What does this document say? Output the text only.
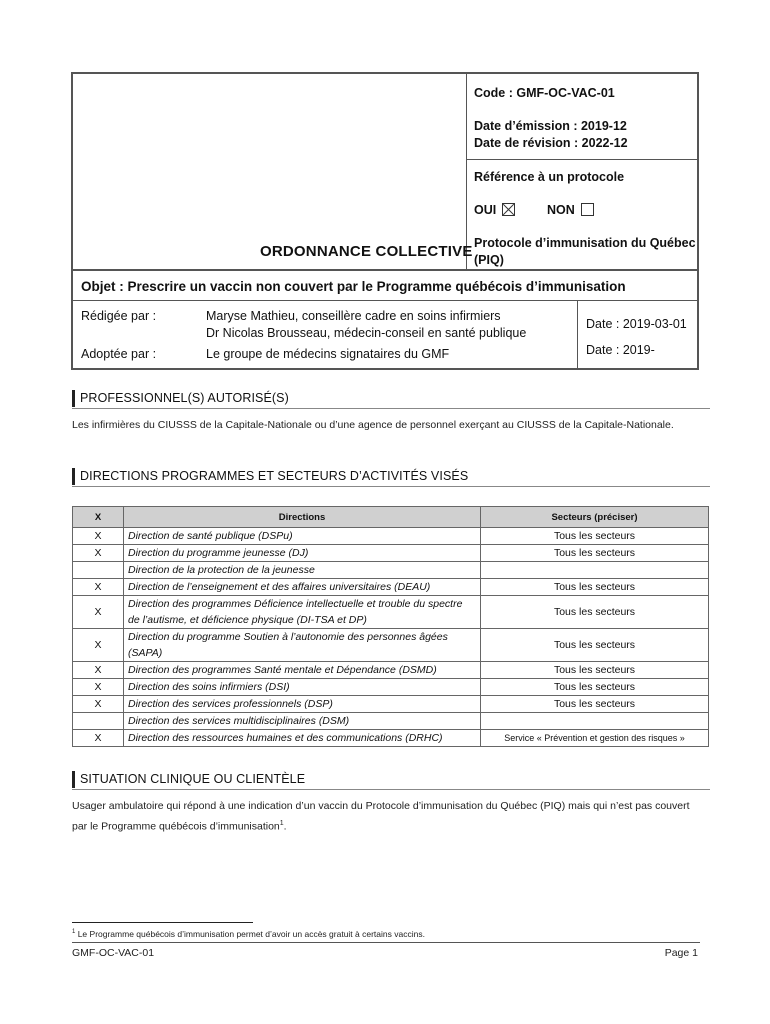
Code : GMF-OC-VAC-01
Date d’émission : 2019-12
Date de révision : 2022-12
Référence à un protocole
OUI	NON
Protocole d’immunisation du Québec
(PIQ)
ORDONNANCE COLLECTIVE
Objet : Prescrire un vaccin non couvert par le Programme québécois d’immunisation
Rédigée par :	Maryse Mathieu, conseillère cadre en soins infirmiers
Dr Nicolas Brousseau, médecin-conseil en santé publique
Date : 2019-03-01
Adoptée par :	Le groupe de médecins signataires du GMF	Date : 2019-
PROFESSIONNEL(S) AUTORISÉ(S)
Les infirmières du CIUSSS de la Capitale-Nationale ou d’une agence de personnel exerçant au CIUSSS de la Capitale-Nationale.
DIRECTIONS PROGRAMMES ET SECTEURS D’ACTIVITÉS VISÉS
X	Directions	Secteurs (préciser)
X	Direction de santé publique (DSPu)	Tous les secteurs
X	Direction du programme jeunesse (DJ)	Tous les secteurs
	Direction de la protection de la jeunesse	
X	Direction de l’enseignement et des affaires universitaires (DEAU)	Tous les secteurs
X	Direction des programmes Déficience intellectuelle et trouble du spectre de l’autisme, et déficience physique (DI-TSA et DP)	Tous les secteurs
X	Direction du programme Soutien à l’autonomie des personnes âgées (SAPA)	Tous les secteurs
X	Direction des programmes Santé mentale et Dépendance (DSMD)	Tous les secteurs
X	Direction des soins infirmiers (DSI)	Tous les secteurs
X	Direction des services professionnels (DSP)	Tous les secteurs
	Direction des services multidisciplinaires (DSM)	
X	Direction des ressources humaines et des communications (DRHC)	Service « Prévention et gestion des risques »
SITUATION CLINIQUE OU CLIENTÈLE
Usager ambulatoire qui répond à une indication d’un vaccin du Protocole d’immunisation du Québec (PIQ) mais qui n’est pas couvert par le Programme québécois d’immunisation$^1$.
$^1$ Le Programme québécois d’immunisation permet d’avoir un accès gratuit à certains vaccins.
GMF-OC-VAC-01	Page 1
